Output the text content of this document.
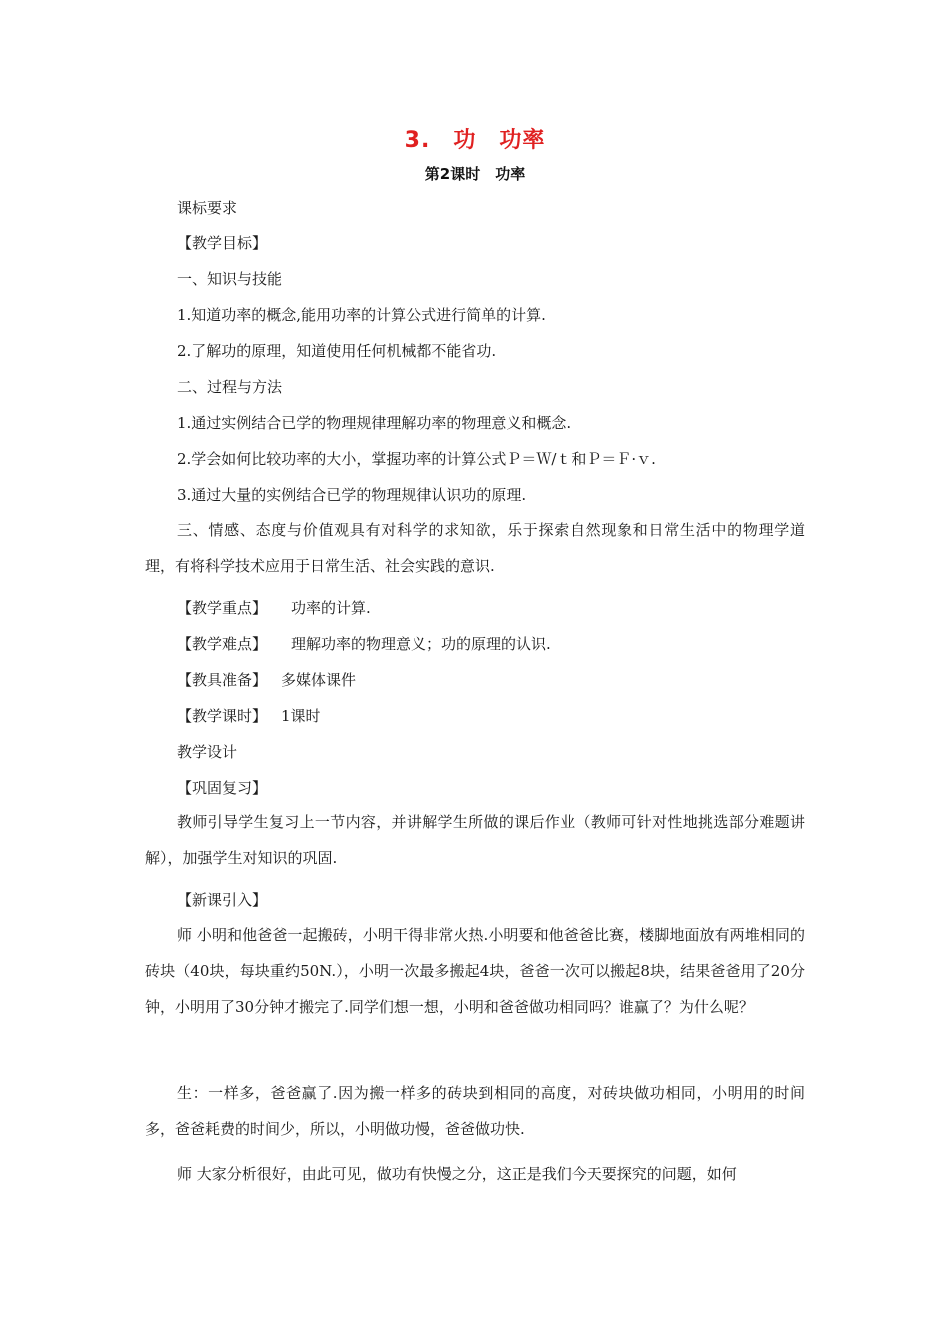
3.　功　功率
第2课时　功率
课标要求
【教学目标】
一、知识与技能
1.知道功率的概念,能用功率的计算公式进行简单的计算.
2.了解功的原理，知道使用任何机械都不能省功.
二、过程与方法
1.通过实例结合已学的物理规律理解功率的物理意义和概念.
2.学会如何比较功率的大小，掌握功率的计算公式Ｐ＝Ｗ/ｔ和Ｐ＝Ｆ·ｖ.
3.通过大量的实例结合已学的物理规律认识功的原理.

三、情感、态度与价值观具有对科学的求知欲，乐于探索自然现象和日常生活中的物理学道理，有将科学技术应用于日常生活、社会实践的意识.

【教学重点】 功率的计算.
【教学难点】 理解功率的物理意义；功的原理的认识.
【教具准备】 多媒体课件
【教学课时】 1课时
教学设计
【巩固复习】

教师引导学生复习上一节内容，并讲解学生所做的课后作业（教师可针对性地挑选部分难题讲解），加强学生对知识的巩固.

【新课引入】

师 小明和他爸爸一起搬砖，小明干得非常火热.小明要和他爸爸比赛，楼脚地面放有两堆相同的砖块（40块，每块重约50N.），小明一次最多搬起4块，爸爸一次可以搬起8块，结果爸爸用了20分钟，小明用了30分钟才搬完了.同学们想一想，小明和爸爸做功相同吗？谁赢了？为什么呢？

生：一样多，爸爸赢了.因为搬一样多的砖块到相同的高度，对砖块做功相同，小明用的时间多，爸爸耗费的时间少，所以，小明做功慢，爸爸做功快.

师 大家分析很好，由此可见，做功有快慢之分，这正是我们今天要探究的问题，如何
